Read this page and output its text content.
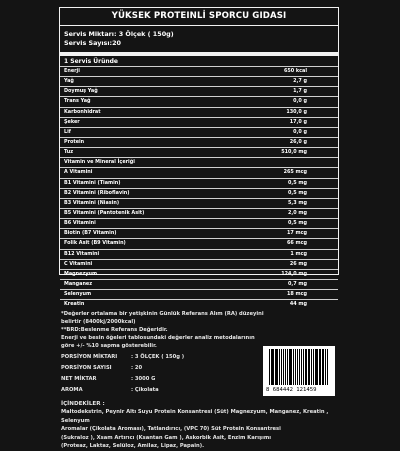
YÜKSEK PROTEINLİ SPORCU GIDASI
Servis Miktarı: 3 Ölçek ( 150g)
Servis Sayısı:20
1 Servis Üründe
Enerji	650 kcal
Yağ	2,7 g
Doymuş Yağ	1,7 g
Trans Yağ	0,0 g
Karbonhidrat	130,0 g
Şeker	17,0 g
Lif	0,0 g
Protein	26,0 g
Tuz	510,0 mg
Vitamin ve Mineral İçeriği
A Vitamini	265 mcg
B1 Vitamini (Tiamin)	0,5 mg
B2 Vitamini (Riboflavin)	0,5 mg
B3 Vitamini (Niasin)	5,3 mg
B5 Vitamini (Pantotenik Asit)	2,0 mg
B6 Vitamini	0,5 mg
Biotin (B7 Vitamin)	17 mcg
Folik Asit (B9 Vitamin)	66 mcg
B12 Vitamini	1 mcg
C Vitamini	26 mg
Magnezyum	124,0 mg
Manganez	0,7 mg
Selenyum	18 mcg
Kreatin	44 mg

*Değerler ortalama bir yetişkinin Günlük Referans Alım (RA) düzeyini

belirtir (8400kj/2000kcal)

**BRD:Beslenme Referans Değeridir.

Enerji ve besin öğeleri tablosundaki değerler analiz metodalarının

göre +/- %10 sapma gösterebilir.

PORSİYON MİKTARI	: 3 ÖLÇEK ( 150g )
PORSİYON SAYISI	: 20
NET MİKTAR	: 3000 G
AROMA	: Çikolata
İÇİNDEKİLER :
Maltodekstrin, Peynir Altı Suyu Protein Konsantresi (Süt) Magnezyum, Manganez, Kreatin , Selenyum
Aromalar (Çikolata Aroması), Tatlandırıcı, (VPC 70) Süt Protein Konsantresi
(Sukraloz ), Xsam Artırıcı (Ksantan Gam ), Askorbik Asit, Enzim Karışımı
(Proteaz, Laktaz, Selüloz, Amilaz, Lipaz, Papain).
8 684442 121459
